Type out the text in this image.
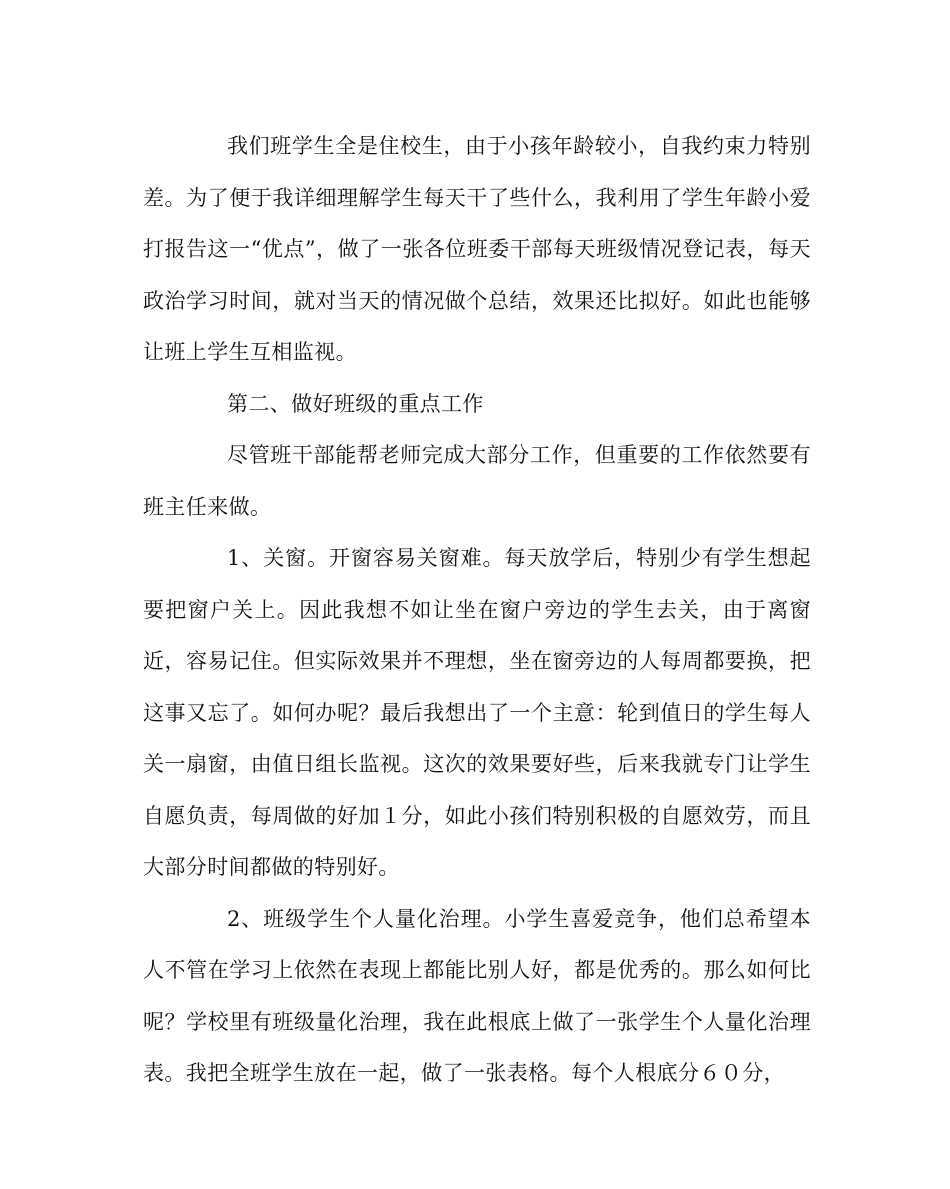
我们班学生全是住校生，由于小孩年龄较小，自我约束力特别差。为了便于我详细理解学生每天干了些什么，我利用了学生年龄小爱打报告这一“优点”，做了一张各位班委干部每天班级情况登记表，每天政治学习时间，就对当天的情况做个总结，效果还比拟好。如此也能够让班上学生互相监视。

第二、做好班级的重点工作

尽管班干部能帮老师完成大部分工作，但重要的工作依然要有班主任来做。

1、关窗。开窗容易关窗难。每天放学后，特别少有学生想起要把窗户关上。因此我想不如让坐在窗户旁边的学生去关，由于离窗近，容易记住。但实际效果并不理想，坐在窗旁边的人每周都要换，把这事又忘了。如何办呢？最后我想出了一个主意：轮到值日的学生每人关一扇窗，由值日组长监视。这次的效果要好些，后来我就专门让学生自愿负责，每周做的好加１分，如此小孩们特别积极的自愿效劳，而且大部分时间都做的特别好。

2、班级学生个人量化治理。小学生喜爱竞争，他们总希望本人不管在学习上依然在表现上都能比别人好，都是优秀的。那么如何比呢？学校里有班级量化治理，我在此根底上做了一张学生个人量化治理表。我把全班学生放在一起，做了一张表格。每个人根底分６０分，
